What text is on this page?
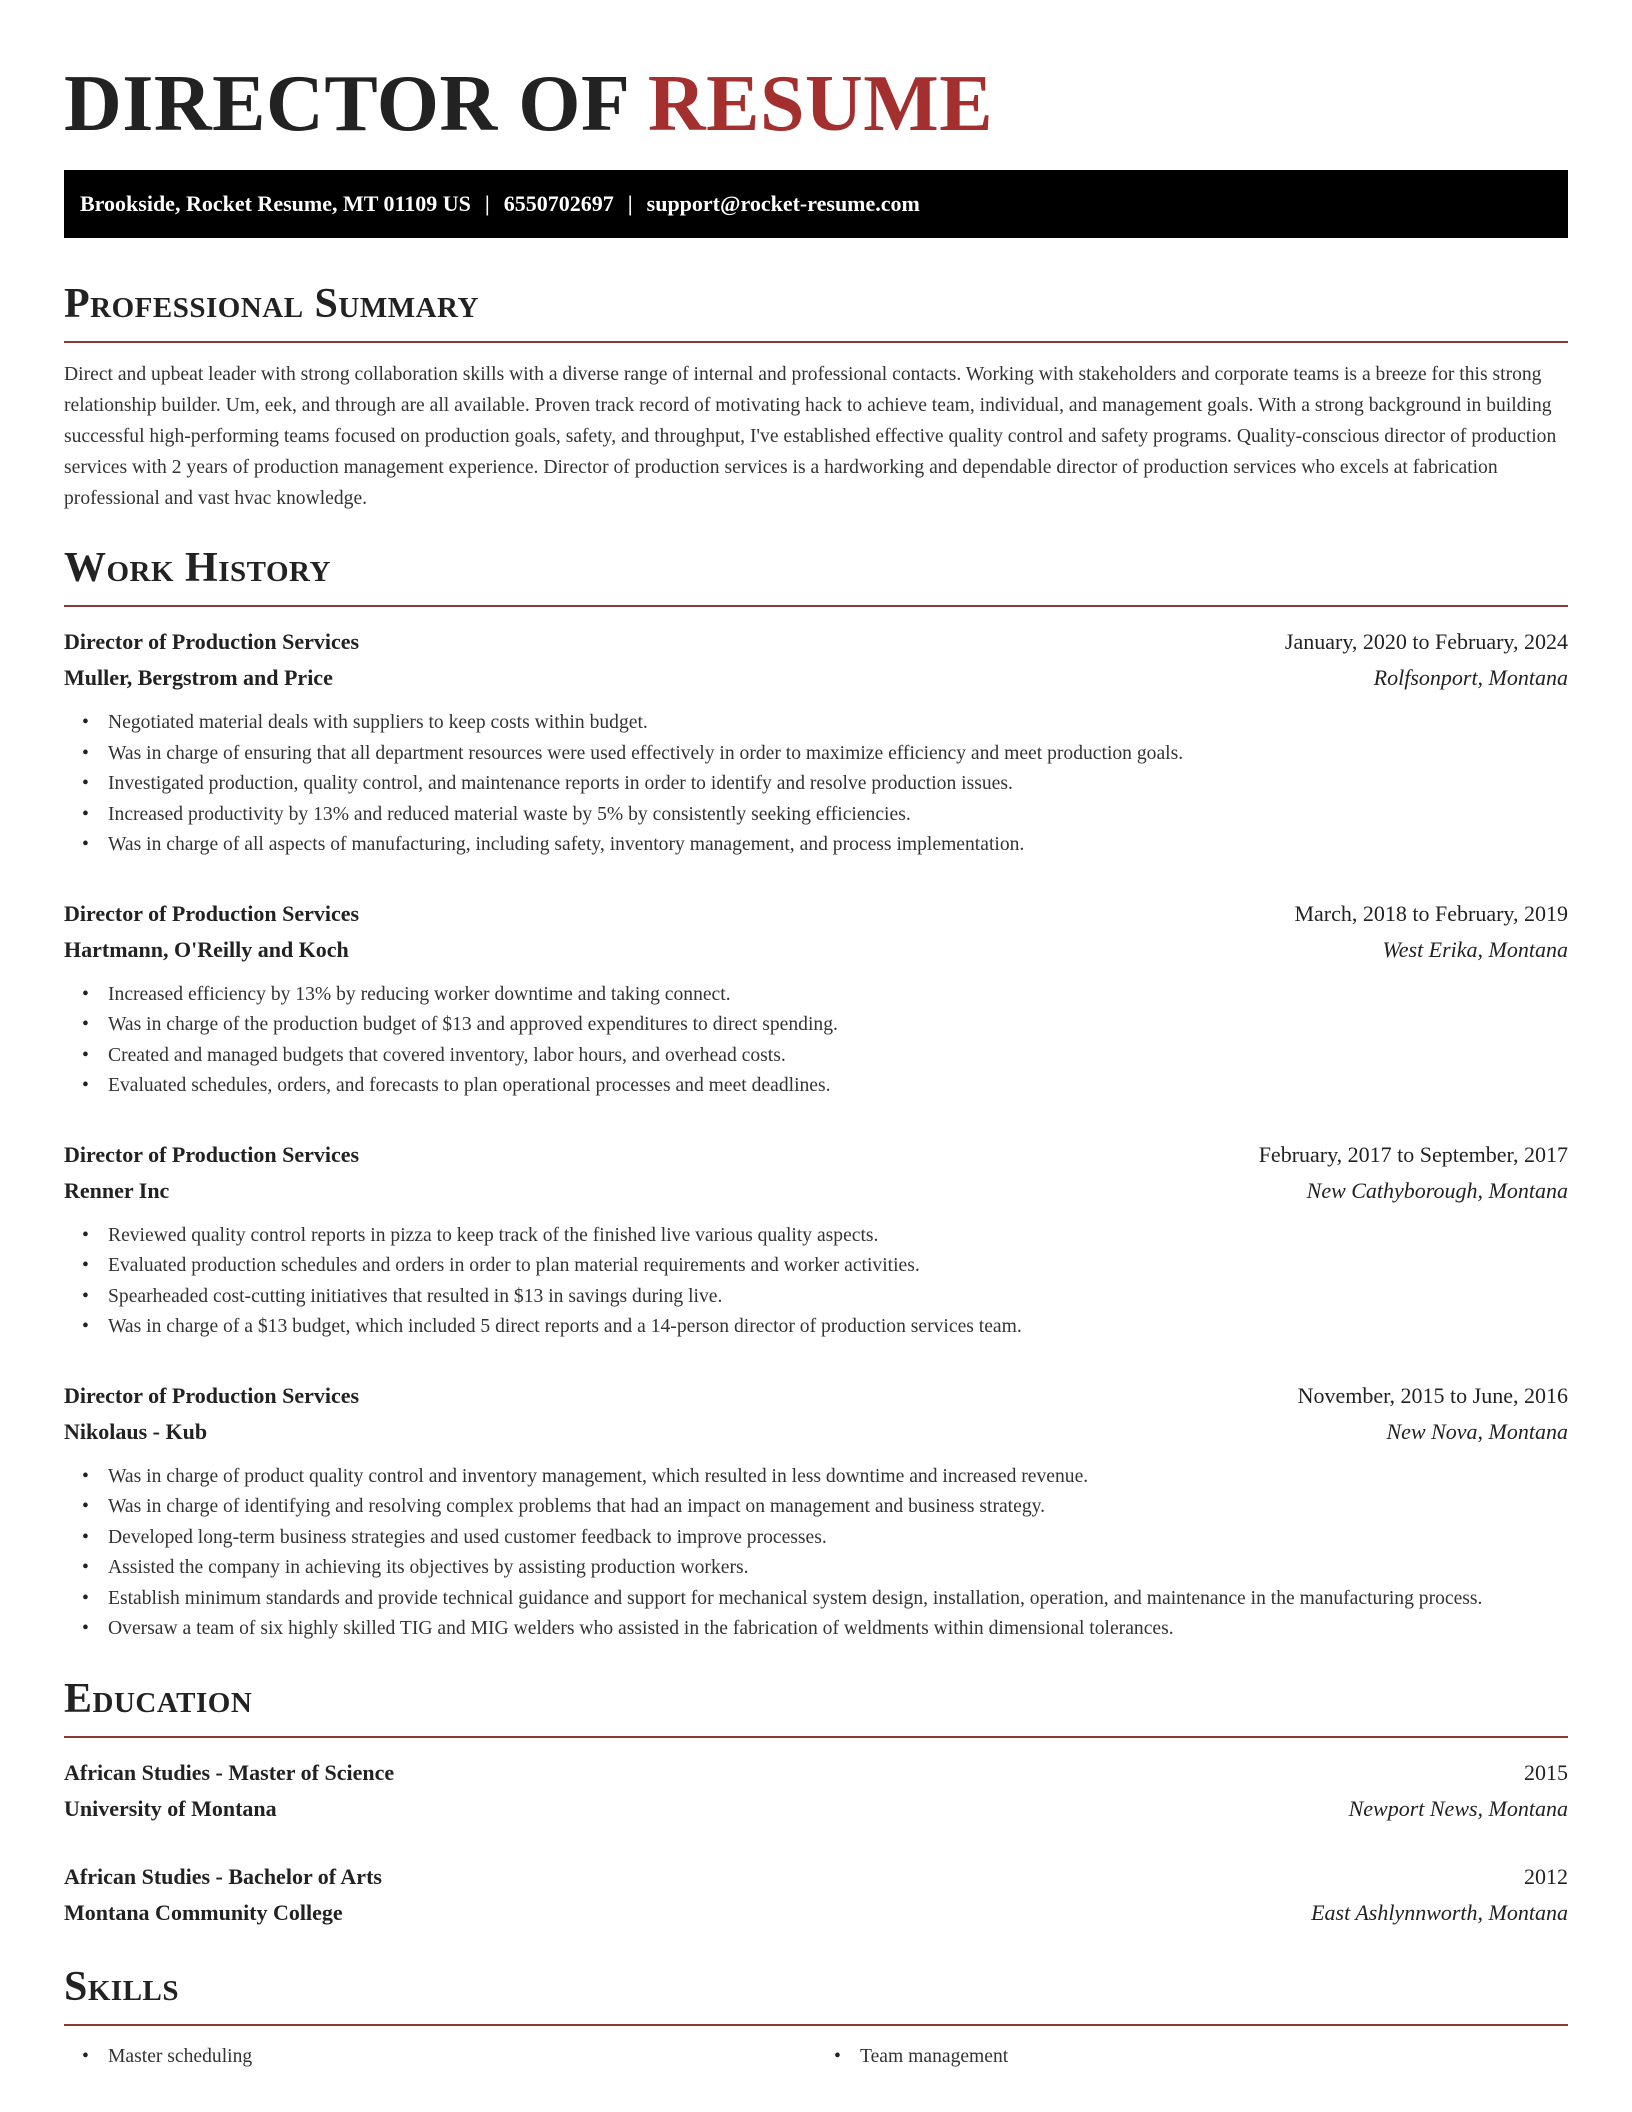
DIRECTOR OF RESUME
Brookside, Rocket Resume, MT 01109 US | 6550702697 | support@rocket-resume.com
Professional Summary

Direct and upbeat leader with strong collaboration skills with a diverse range of internal and professional contacts. Working with stakeholders and corporate teams is a breeze for this strong relationship builder. Um, eek, and through are all available. Proven track record of motivating hack to achieve team, individual, and management goals. With a strong background in building successful high-performing teams focused on production goals, safety, and throughput, I've established effective quality control and safety programs. Quality-conscious director of production services with 2 years of production management experience. Director of production services is a hardworking and dependable director of production services who excels at fabrication professional and vast hvac knowledge.

Work History
Director of Production Services	January, 2020 to February, 2024
Muller, Bergstrom and Price	Rolfsonport, Montana
• Negotiated material deals with suppliers to keep costs within budget.
• Was in charge of ensuring that all department resources were used effectively in order to maximize efficiency and meet production goals.
• Investigated production, quality control, and maintenance reports in order to identify and resolve production issues.
• Increased productivity by 13% and reduced material waste by 5% by consistently seeking efficiencies.
• Was in charge of all aspects of manufacturing, including safety, inventory management, and process implementation.
Director of Production Services	March, 2018 to February, 2019
Hartmann, O'Reilly and Koch	West Erika, Montana
• Increased efficiency by 13% by reducing worker downtime and taking connect.
• Was in charge of the production budget of $13 and approved expenditures to direct spending.
• Created and managed budgets that covered inventory, labor hours, and overhead costs.
• Evaluated schedules, orders, and forecasts to plan operational processes and meet deadlines.
Director of Production Services	February, 2017 to September, 2017
Renner Inc	New Cathyborough, Montana
• Reviewed quality control reports in pizza to keep track of the finished live various quality aspects.
• Evaluated production schedules and orders in order to plan material requirements and worker activities.
• Spearheaded cost-cutting initiatives that resulted in $13 in savings during live.
• Was in charge of a $13 budget, which included 5 direct reports and a 14-person director of production services team.
Director of Production Services	November, 2015 to June, 2016
Nikolaus - Kub	New Nova, Montana
• Was in charge of product quality control and inventory management, which resulted in less downtime and increased revenue.
• Was in charge of identifying and resolving complex problems that had an impact on management and business strategy.
• Developed long-term business strategies and used customer feedback to improve processes.
• Assisted the company in achieving its objectives by assisting production workers.
• Establish minimum standards and provide technical guidance and support for mechanical system design, installation, operation, and maintenance in the manufacturing process.
• Oversaw a team of six highly skilled TIG and MIG welders who assisted in the fabrication of weldments within dimensional tolerances.
Education
African Studies - Master of Science	2015
University of Montana	Newport News, Montana
African Studies - Bachelor of Arts	2012
Montana Community College	East Ashlynnworth, Montana
Skills
• Master scheduling
•	Team management
